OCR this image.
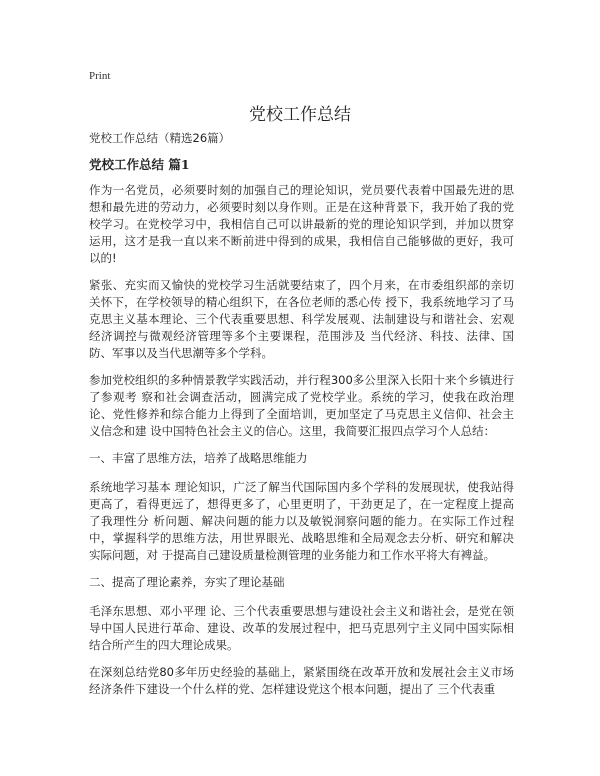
Print
党校工作总结

党校工作总结（精选26篇）

党校工作总结 篇1

作为一名党员，必须要时刻的加强自己的理论知识，党员要代表着中国最先进的思想和最先进的劳动力，必须要时刻以身作则。正是在这种背景下，我开始了我的党校学习。在党校学习中，我相信自己可以讲最新的党的理论知识学到，并加以贯穿运用，这才是我一直以来不断前进中得到的成果，我相信自己能够做的更好，我可以的!

紧张、充实而又愉快的党校学习生活就要结束了，四个月来，在市委组织部的亲切关怀下，在学校领导的精心组织下，在各位老师的悉心传 授下，我系统地学习了马克思主义基本理论、三个代表重要思想、科学发展观、法制建设与和谐社会、宏观经济调控与微观经济管理等多个主要课程，范围涉及 当代经济、科技、法律、国防、军事以及当代思潮等多个学科。

参加党校组织的多种情景教学实践活动，并行程300多公里深入长阳十来个乡镇进行了参观考 察和社会调查活动，圆满完成了党校学业。系统的学习，使我在政治理论、党性修养和综合能力上得到了全面培训，更加坚定了马克思主义信仰、社会主义信念和建 设中国特色社会主义的信心。这里，我简要汇报四点学习个人总结：

一、丰富了思维方法，培养了战略思维能力

系统地学习基本 理论知识，广泛了解当代国际国内多个学科的发展现状，使我站得更高了，看得更远了，想得更多了，心里更明了，干劲更足了，在一定程度上提高了我理性分 析问题、解决问题的能力以及敏锐洞察问题的能力。在实际工作过程中，掌握科学的思维方法，用世界眼光、战略思维和全局观念去分析、研究和解决实际问题，对 于提高自己建设质量检测管理的业务能力和工作水平将大有裨益。

二、提高了理论素养，夯实了理论基础

毛泽东思想、邓小平理 论、三个代表重要思想与建设社会主义和谐社会，是党在领导中国人民进行革命、建设、改革的发展过程中，把马克思列宁主义同中国实际相结合所产生的四大理论成果。

在深刻总结党80多年历史经验的基础上，紧紧围绕在改革开放和发展社会主义市场经济条件下建设一个什么样的党、怎样建设党这个根本问题，提出了 三个代表重
